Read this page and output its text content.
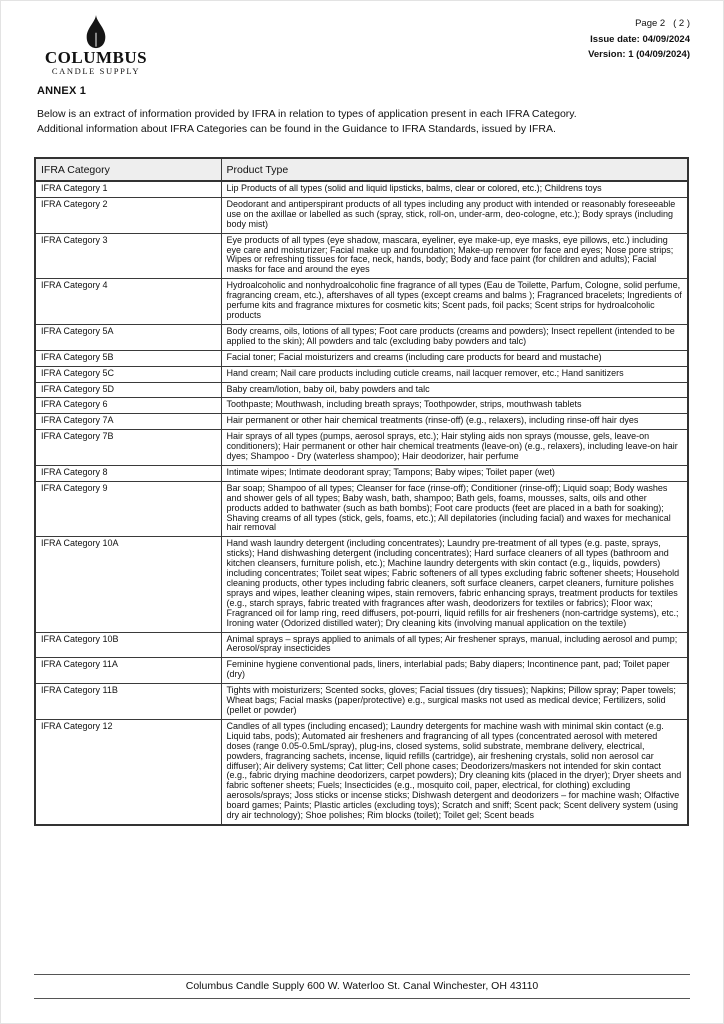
COLUMBUS
CANDLE SUPPLY
Page 2   ( 2 )
Issue date: 04/09/2024
Version: 1 (04/09/2024)
ANNEX 1
Below is an extract of information provided by IFRA in relation to types of application present in each IFRA Category.
Additional information about IFRA Categories can be found in the Guidance to IFRA Standards, issued by IFRA.
IFRA Category	Product Type
IFRA Category 1	Lip Products of all types (solid and liquid lipsticks, balms, clear or colored, etc.); Childrens toys
IFRA Category 2	Deodorant and antiperspirant products of all types including any product with intended or reasonably foreseeable use on the axillae or labelled as such (spray, stick, roll-on, under-arm, deo-cologne, etc.); Body sprays (including body mist)
IFRA Category 3	Eye products of all types (eye shadow, mascara, eyeliner, eye make-up, eye masks, eye pillows, etc.) including eye care and moisturizer; Facial make up and foundation; Make-up remover for face and eyes; Nose pore strips; Wipes or refreshing tissues for face, neck, hands, body; Body and face paint (for children and adults); Facial masks for face and around the eyes
IFRA Category 4	Hydroalcoholic and nonhydroalcoholic fine fragrance of all types (Eau de Toilette, Parfum, Cologne, solid perfume, fragrancing cream, etc.), aftershaves of all types (except creams and balms ); Fragranced bracelets; Ingredients of perfume kits and fragrance mixtures for cosmetic kits; Scent pads, foil packs; Scent strips for hydroalcoholic products
IFRA Category 5A	Body creams, oils, lotions of all types; Foot care products (creams and powders); Insect repellent (intended to be applied to the skin); All powders and talc (excluding baby powders and talc)
IFRA Category 5B	Facial toner; Facial moisturizers and creams (including care products for beard and mustache)
IFRA Category 5C	Hand cream; Nail care products including cuticle creams, nail lacquer remover, etc.; Hand sanitizers
IFRA Category 5D	Baby cream/lotion, baby oil, baby powders and talc
IFRA Category 6	Toothpaste; Mouthwash, including breath sprays; Toothpowder, strips, mouthwash tablets
IFRA Category 7A	Hair permanent or other hair chemical treatments (rinse-off) (e.g., relaxers), including rinse-off hair dyes
IFRA Category 7B	Hair sprays of all types (pumps, aerosol sprays, etc.); Hair styling aids non sprays (mousse, gels, leave-on conditioners); Hair permanent or other hair chemical treatments (leave-on) (e.g., relaxers), including leave-on hair dyes; Shampoo - Dry (waterless shampoo); Hair deodorizer, hair perfume
IFRA Category 8	Intimate wipes; Intimate deodorant spray; Tampons; Baby wipes; Toilet paper (wet)
IFRA Category 9	Bar soap; Shampoo of all types; Cleanser for face (rinse-off); Conditioner (rinse-off); Liquid soap; Body washes and shower gels of all types; Baby wash, bath, shampoo; Bath gels, foams, mousses, salts, oils and other products added to bathwater (such as bath bombs); Foot care products (feet are placed in a bath for soaking); Shaving creams of all types (stick, gels, foams, etc.); All depilatories (including facial) and waxes for mechanical hair removal
IFRA Category 10A	Hand wash laundry detergent (including concentrates); Laundry pre-treatment of all types (e.g. paste, sprays, sticks); Hand dishwashing detergent (including concentrates); Hard surface cleaners of all types (bathroom and kitchen cleansers, furniture polish, etc.); Machine laundry detergents with skin contact (e.g., liquids, powders) including concentrates; Toilet seat wipes; Fabric softeners of all types excluding fabric softener sheets; Household cleaning products, other types including fabric cleaners, soft surface cleaners, carpet cleaners, furniture polishes sprays and wipes, leather cleaning wipes, stain removers, fabric enhancing sprays, treatment products for textiles (e.g., starch sprays, fabric treated with fragrances after wash, deodorizers for textiles or fabrics); Floor wax; Fragranced oil for lamp ring, reed diffusers, pot-pourri, liquid refills for air fresheners (non-cartridge systems), etc.; Ironing water (Odorized distilled water); Dry cleaning kits (involving manual application on the textile)
IFRA Category 10B	Animal sprays – sprays applied to animals of all types; Air freshener sprays, manual, including aerosol and pump; Aerosol/spray insecticides
IFRA Category 11A	Feminine hygiene conventional pads, liners, interlabial pads; Baby diapers; Incontinence pant, pad; Toilet paper (dry)
IFRA Category 11B	Tights with moisturizers; Scented socks, gloves; Facial tissues (dry tissues); Napkins; Pillow spray; Paper towels; Wheat bags; Facial masks (paper/protective) e.g., surgical masks not used as medical device; Fertilizers, solid (pellet or powder)
IFRA Category 12	Candles of all types (including encased); Laundry detergents for machine wash with minimal skin contact (e.g. Liquid tabs, pods); Automated air fresheners and fragrancing of all types (concentrated aerosol with metered doses (range 0.05-0.5mL/spray), plug-ins, closed systems, solid substrate, membrane delivery, electrical, powders, fragrancing sachets, incense, liquid refills (cartridge), air freshening crystals, solid non aerosol car diffuser); Air delivery systems; Cat litter; Cell phone cases; Deodorizers/maskers not intended for skin contact (e.g., fabric drying machine deodorizers, carpet powders); Dry cleaning kits (placed in the dryer); Dryer sheets and fabric softener sheets; Fuels; Insecticides (e.g., mosquito coil, paper, electrical, for clothing) excluding aerosols/sprays; Joss sticks or incense sticks; Dishwash detergent and deodorizers – for machine wash; Olfactive board games; Paints; Plastic articles (excluding toys); Scratch and sniff; Scent pack; Scent delivery system (using dry air technology); Shoe polishes; Rim blocks (toilet); Toilet gel; Scent beads
Columbus Candle Supply 600 W. Waterloo St. Canal Winchester, OH 43110
